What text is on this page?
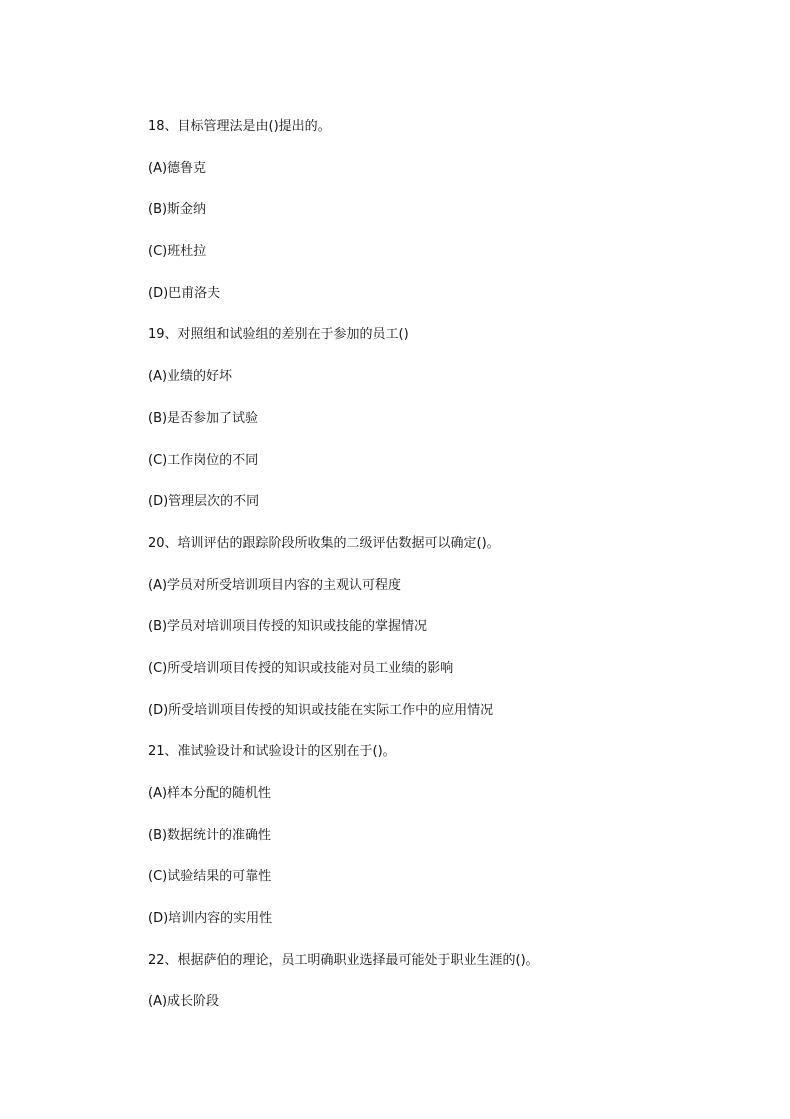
18、目标管理法是由()提出的。
(A)德鲁克
(B)斯金纳
(C)班杜拉
(D)巴甫洛夫
19、对照组和试验组的差别在于参加的员工()
(A)业绩的好坏
(B)是否参加了试验
(C)工作岗位的不同
(D)管理层次的不同
20、培训评估的跟踪阶段所收集的二级评估数据可以确定()。
(A)学员对所受培训项目内容的主观认可程度
(B)学员对培训项目传授的知识或技能的掌握情况
(C)所受培训项目传授的知识或技能对员工业绩的影响
(D)所受培训项目传授的知识或技能在实际工作中的应用情况
21、准试验设计和试验设计的区别在于()。
(A)样本分配的随机性
(B)数据统计的准确性
(C)试验结果的可靠性
(D)培训内容的实用性
22、根据萨伯的理论，员工明确职业选择最可能处于职业生涯的()。
(A)成长阶段
